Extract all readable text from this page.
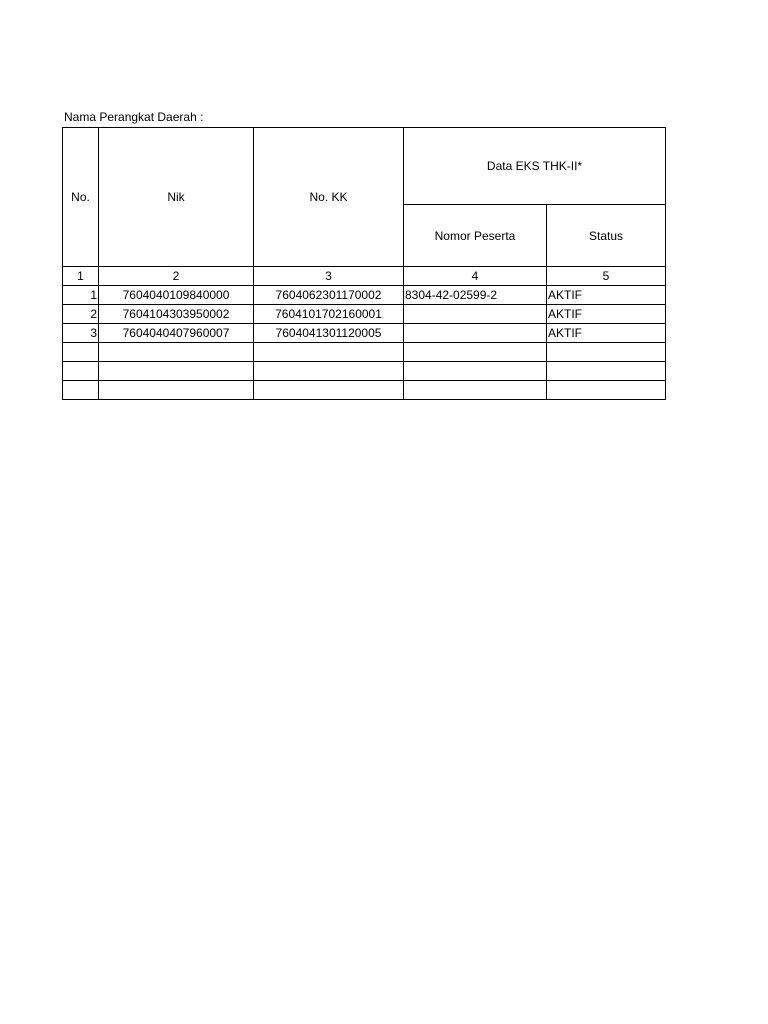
Nama Perangkat Daerah :
No.	Nik	No. KK	Data EKS THK-II*	
			Nomor Peserta	Status
1	2	3	4	5
1	7604040109840000	7604062301170002	8304-42-02599-2	AKTIF
2	7604104303950002	7604101702160001		AKTIF
3	7604040407960007	7604041301120005		AKTIF
